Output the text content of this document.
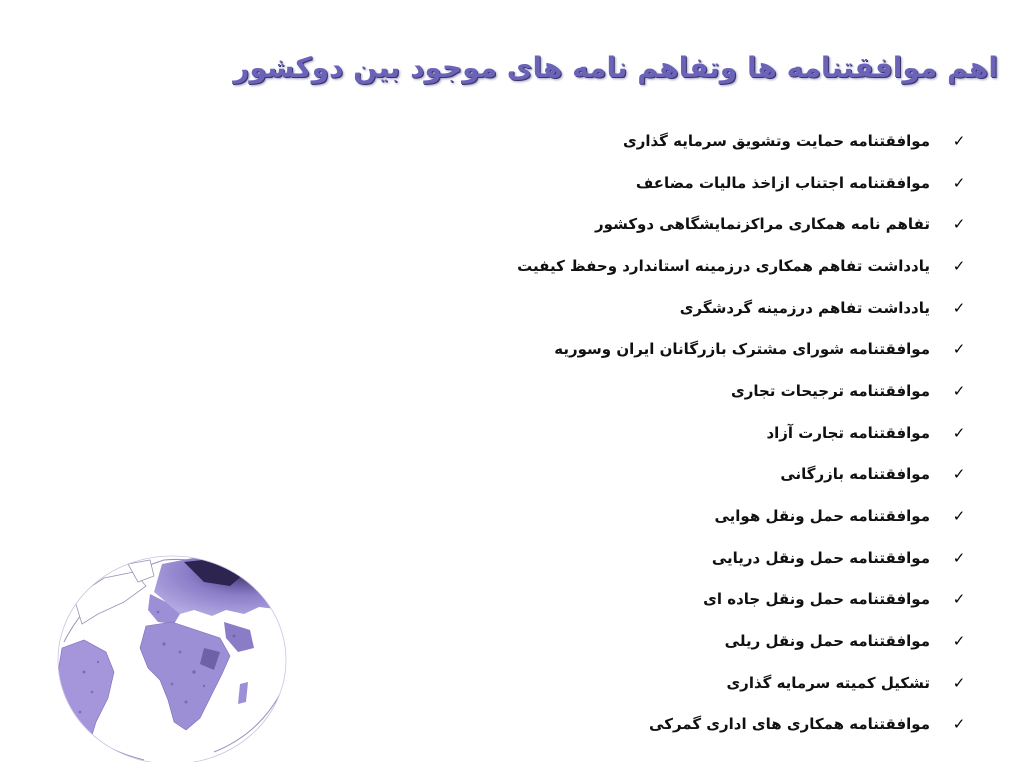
اهم موافقتنامه ها وتفاهم نامه های موجود بین دوکشور
✓
موافقتنامه حمایت وتشویق سرمایه گذاری
✓
موافقتنامه اجتناب ازاخذ مالیات مضاعف
✓
تفاهم نامه همکاری مراکزنمایشگاهی دوکشور
✓
یادداشت تفاهم همکاری درزمینه استاندارد وحفظ کیفیت
✓
یادداشت تفاهم درزمینه گردشگری
✓
موافقتنامه شورای مشترک بازرگانان ایران وسوریه
✓
موافقتنامه ترجیحات تجاری
✓
موافقتنامه تجارت آزاد
✓
موافقتنامه بازرگانی
✓
موافقتنامه حمل ونقل هوایی
✓
موافقتنامه حمل ونقل دریایی
✓
موافقتنامه حمل ونقل جاده ای
✓
موافقتنامه حمل ونقل ریلی
✓
تشکیل کمیته سرمایه گذاری
✓
موافقتنامه همکاری های اداری گمرکی
